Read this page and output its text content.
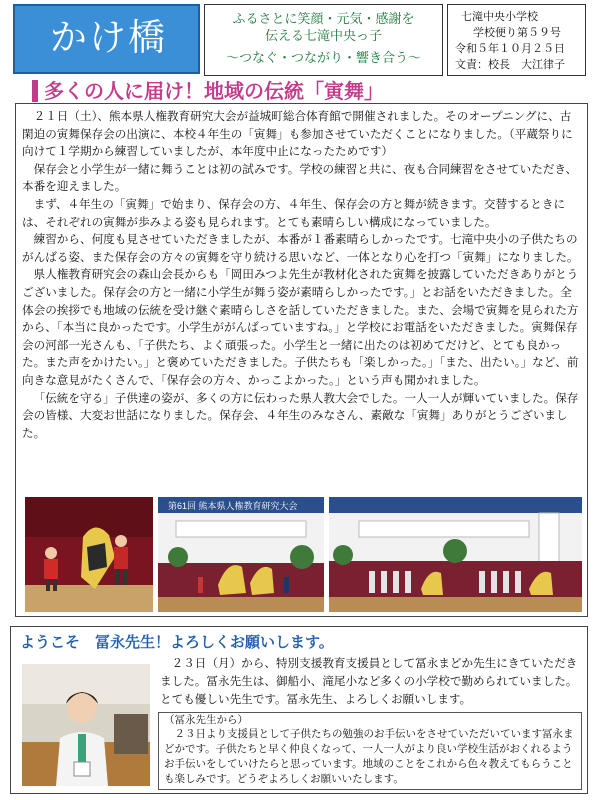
かけ橋	ふるさとに笑顔・元気・感謝を
伝える七滝中央っ子
～つなぐ・つながり・響き合う～
七滝中央小学校
学校便り第５９号
令和５年１０月２５日
文責：校長　大江律子
多くの人に届け！地域の伝統「寅舞」

２１日（土）、熊本県人権教育研究大会が益城町総合体育館で開催されました。そのオープニングに、古閑迫の寅舞保存会の出演に、本校４年生の「寅舞」も参加させていただくことになりました。（平蔵祭りに向けて１学期から練習していましたが、本年度中止になったためです）

保存会と小学生が一緒に舞うことは初の試みです。学校の練習と共に、夜も合同練習をさせていただき、本番を迎えました。

まず、４年生の「寅舞」で始まり、保存会の方、４年生、保存会の方と舞が続きます。交替するときには、それぞれの寅舞が歩みよる姿も見られます。とても素晴らしい構成になっていました。

練習から、何度も見させていただきましたが、本番が１番素晴らしかったです。七滝中央小の子供たちのがんばる姿、また保存会の方々の寅舞を守り続ける思いなど、一体となり心を打つ「寅舞」になりました。

県人権教育研究会の森山会長からも「岡田みつよ先生が教材化された寅舞を披露していただきありがとうございました。保存会の方と一緒に小学生が舞う姿が素晴らしかったです。」とお話をいただきました。全体会の挨拶でも地域の伝統を受け継ぐ素晴らしさを話していただきました。また、会場で寅舞を見られた方から、「本当に良かったです。小学生ががんばっていますね。」と学校にお電話をいただきました。寅舞保存会の河部一光さんも、「子供たち、よく頑張った。小学生と一緒に出たのは初めてだけど、とても良かった。また声をかけたい。」と褒めていただきました。子供たちも「楽しかった。」「また、出たい。」など、前向きな意見がたくさんで、「保存会の方々、かっこよかった。」という声も聞かれました。

「伝統を守る」子供達の姿が、多くの方に伝わった県人教大会でした。一人一人が輝いていました。保存会の皆様、大変お世話になりました。保存会、４年生のみなさん、素敵な「寅舞」ありがとうございました。

第61回 熊本県人権教育研究大会
ようこそ　冨永先生！よろしくお願いします。

２３日（月）から、特別支援教育支援員として冨永まどか先生にきていただきました。冨永先生は、御船小、滝尾小など多くの小学校で勤められていました。とても優しい先生です。冨永先生、よろしくお願いします。

（冨永先生から）

２３日より支援員として子供たちの勉強のお手伝いをさせていただいています冨永まどかです。子供たちと早く仲良くなって、一人一人がより良い学校生活がおくれるようお手伝いをしていけたらと思っています。地域のことをこれから色々教えてもらうことも楽しみです。どうぞよろしくお願いいたします。
